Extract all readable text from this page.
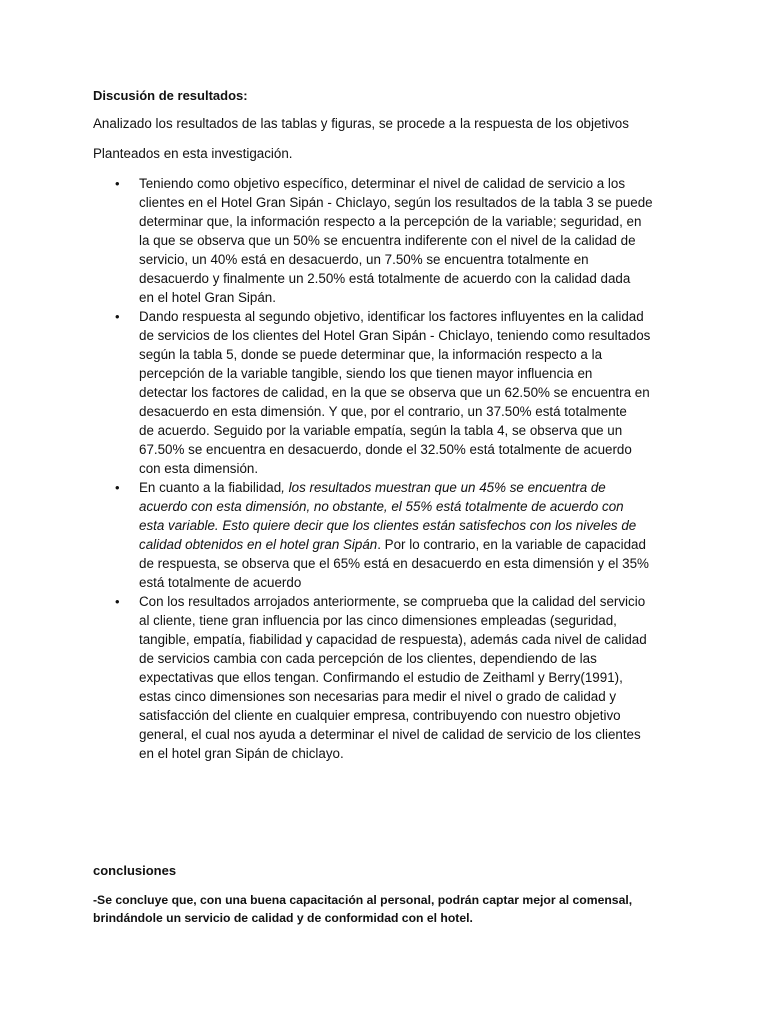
Discusión de resultados:
Analizado los resultados de las tablas y figuras, se procede a la respuesta de los objetivos
Planteados en esta investigación.
• Teniendo como objetivo específico, determinar el nivel de calidad de servicio a los
clientes en el Hotel Gran Sipán - Chiclayo, según los resultados de la tabla 3 se puede
determinar que, la información respecto a la percepción de la variable; seguridad, en
la que se observa que un 50% se encuentra indiferente con el nivel de la calidad de
servicio, un 40% está en desacuerdo, un 7.50% se encuentra totalmente en
desacuerdo y finalmente un 2.50% está totalmente de acuerdo con la calidad dada
en el hotel Gran Sipán.
• Dando respuesta al segundo objetivo, identificar los factores influyentes en la calidad
de servicios de los clientes del Hotel Gran Sipán - Chiclayo, teniendo como resultados
según la tabla 5, donde se puede determinar que, la información respecto a la
percepción de la variable tangible, siendo los que tienen mayor influencia en
detectar los factores de calidad, en la que se observa que un 62.50% se encuentra en
desacuerdo en esta dimensión. Y que, por el contrario, un 37.50% está totalmente
de acuerdo. Seguido por la variable empatía, según la tabla 4, se observa que un
67.50% se encuentra en desacuerdo, donde el 32.50% está totalmente de acuerdo
con esta dimensión.
• En cuanto a la fiabilidad, los resultados muestran que un 45% se encuentra de
acuerdo con esta dimensión, no obstante, el 55% está totalmente de acuerdo con
esta variable. Esto quiere decir que los clientes están satisfechos con los niveles de
calidad obtenidos en el hotel gran Sipán. Por lo contrario, en la variable de capacidad
de respuesta, se observa que el 65% está en desacuerdo en esta dimensión y el 35%
está totalmente de acuerdo
• Con los resultados arrojados anteriormente, se comprueba que la calidad del servicio
al cliente, tiene gran influencia por las cinco dimensiones empleadas (seguridad,
tangible, empatía, fiabilidad y capacidad de respuesta), además cada nivel de calidad
de servicios cambia con cada percepción de los clientes, dependiendo de las
expectativas que ellos tengan. Confirmando el estudio de Zeithaml y Berry(1991),
estas cinco dimensiones son necesarias para medir el nivel o grado de calidad y
satisfacción del cliente en cualquier empresa, contribuyendo con nuestro objetivo
general, el cual nos ayuda a determinar el nivel de calidad de servicio de los clientes
en el hotel gran Sipán de chiclayo.
conclusiones
-Se concluye que, con una buena capacitación al personal, podrán captar mejor al comensal,
brindándole un servicio de calidad y de conformidad con el hotel.
